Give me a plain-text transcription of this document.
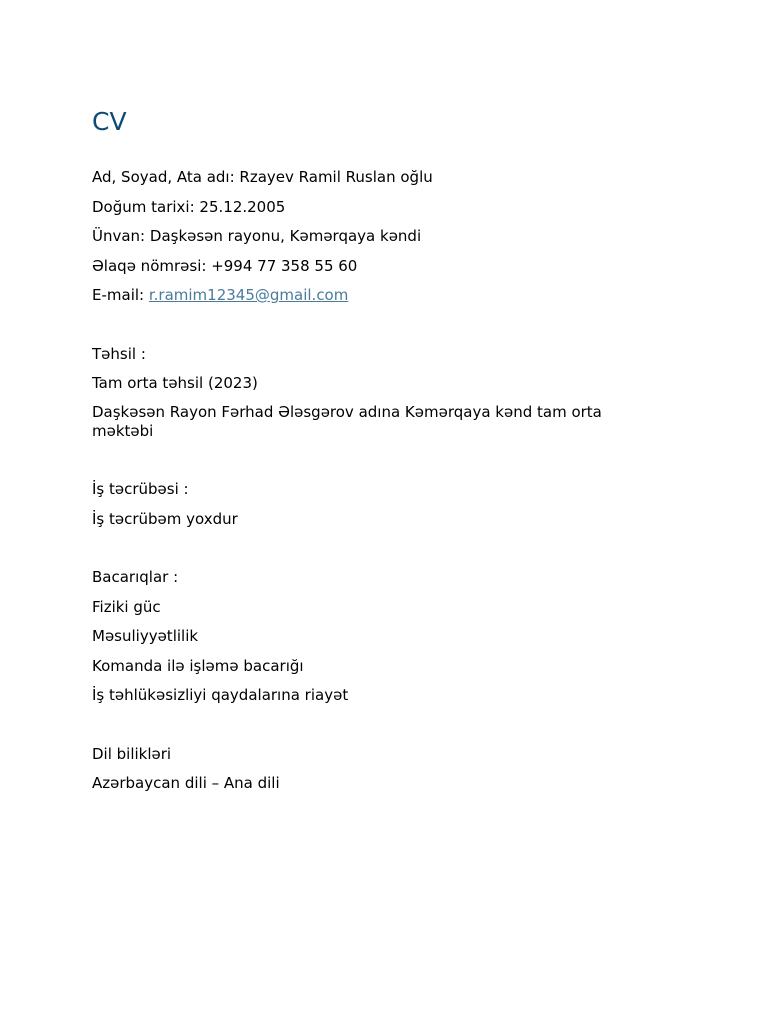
CV
Ad, Soyad, Ata adı: Rzayev Ramil Ruslan oğlu
Doğum tarixi: 25.12.2005
Ünvan: Daşkəsən rayonu, Kəmərqaya kəndi
Əlaqə nömrəsi: +994 77 358 55 60
E-mail: r.ramim12345@gmail.com
Təhsil :
Tam orta təhsil (2023)
Daşkəsən Rayon Fərhad Ələsgərov adına Kəmərqaya kənd tam orta məktəbi
İş təcrübəsi :
İş təcrübəm yoxdur
Bacarıqlar :
Fiziki güc
Məsuliyyətlilik
Komanda ilə işləmə bacarığı
İş təhlükəsizliyi qaydalarına riayət
Dil bilikləri
Azərbaycan dili – Ana dili
